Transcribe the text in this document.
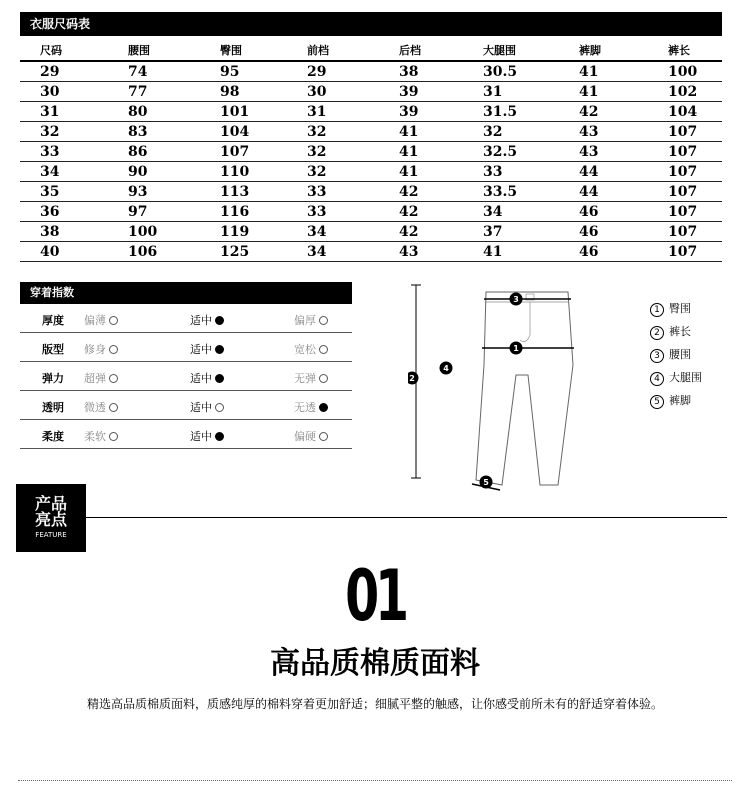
衣服尺码表
尺码	腰围	臀围	前档	后档	大腿围	裤脚	裤长
29	74	95	29	38	30.5	41	100
30	77	98	30	39	31	41	102
31	80	101	31	39	31.5	42	104
32	83	104	32	41	32	43	107
33	86	107	32	41	32.5	43	107
34	90	110	32	41	33	44	107
35	93	113	33	42	33.5	44	107
36	97	116	33	42	34	46	107
38	100	119	34	42	37	46	107
40	106	125	34	43	41	46	107
穿着指数
厚度 偏薄	适中	偏厚
版型 修身	适中	宽松
弹力 超弹	适中	无弹
透明 微透	适中	无透
柔度 柔软	适中	偏硬
3
1
2
4
5
1 臀围
2 裤长
3 腰围
4 大腿围
5 裤脚
产品
亮点
FEATURE
01
高品质棉质面料
精选高品质棉质面料，质感纯厚的棉料穿着更加舒适；细腻平整的触感，让你感受前所未有的舒适穿着体验。
